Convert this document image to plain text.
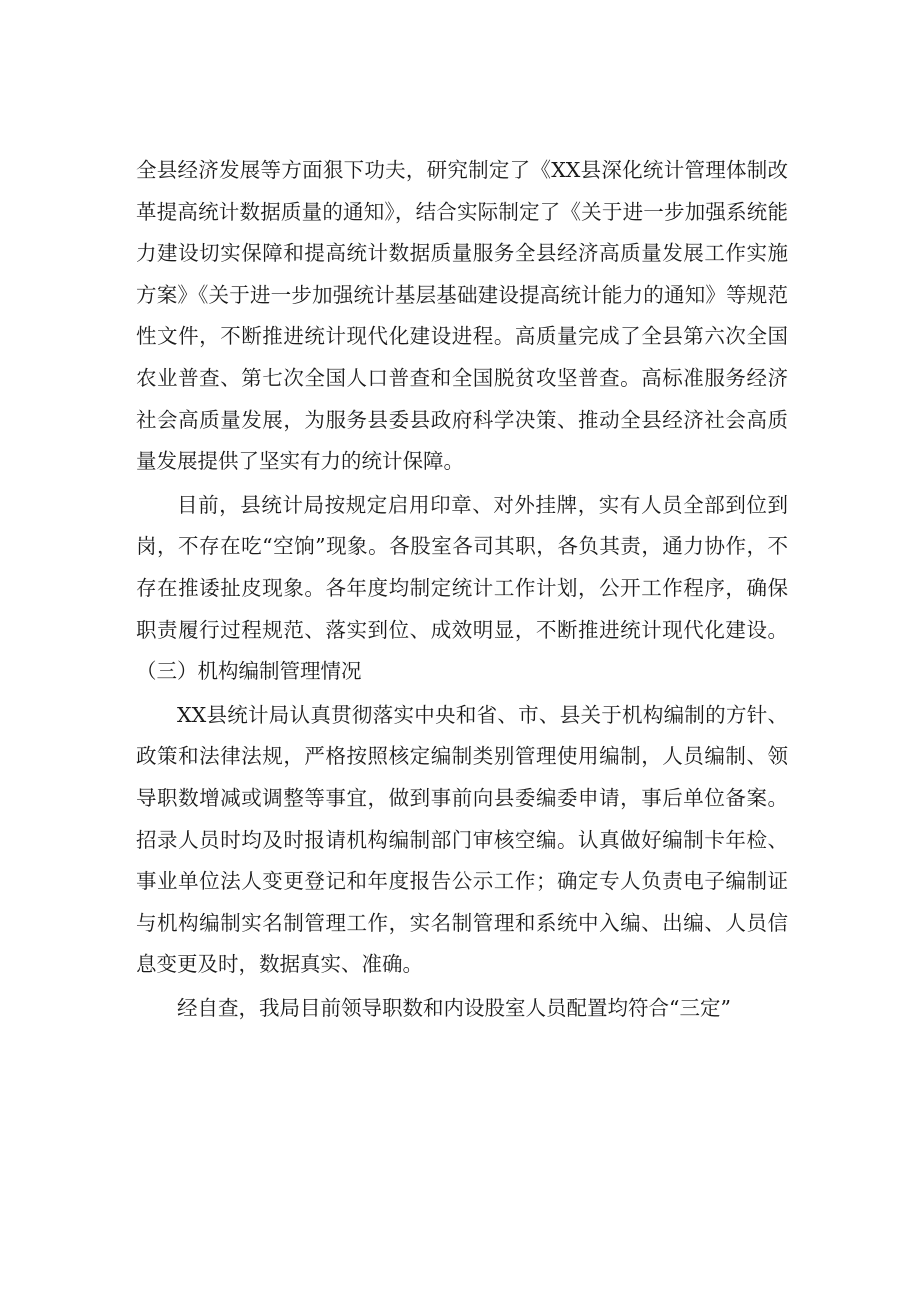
全县经济发展等方面狠下功夫，研究制定了《XX县深化统计管理体制改革提高统计数据质量的通知》，结合实际制定了《关于进一步加强系统能力建设切实保障和提高统计数据质量服务全县经济高质量发展工作实施方案》《关于进一步加强统计基层基础建设提高统计能力的通知》等规范性文件，不断推进统计现代化建设进程。高质量完成了全县第六次全国农业普查、第七次全国人口普查和全国脱贫攻坚普查。高标准服务经济社会高质量发展，为服务县委县政府科学决策、推动全县经济社会高质量发展提供了坚实有力的统计保障。

目前，县统计局按规定启用印章、对外挂牌，实有人员全部到位到岗，不存在吃“空饷”现象。各股室各司其职，各负其责，通力协作，不存在推诿扯皮现象。各年度均制定统计工作计划，公开工作程序，确保职责履行过程规范、落实到位、成效明显，不断推进统计现代化建设。（三）机构编制管理情况

XX县统计局认真贯彻落实中央和省、市、县关于机构编制的方针、政策和法律法规，严格按照核定编制类别管理使用编制，人员编制、领导职数增减或调整等事宜，做到事前向县委编委申请，事后单位备案。招录人员时均及时报请机构编制部门审核空编。认真做好编制卡年检、事业单位法人变更登记和年度报告公示工作；确定专人负责电子编制证与机构编制实名制管理工作，实名制管理和系统中入编、出编、人员信息变更及时，数据真实、准确。

经自查，我局目前领导职数和内设股室人员配置均符合“三定”
